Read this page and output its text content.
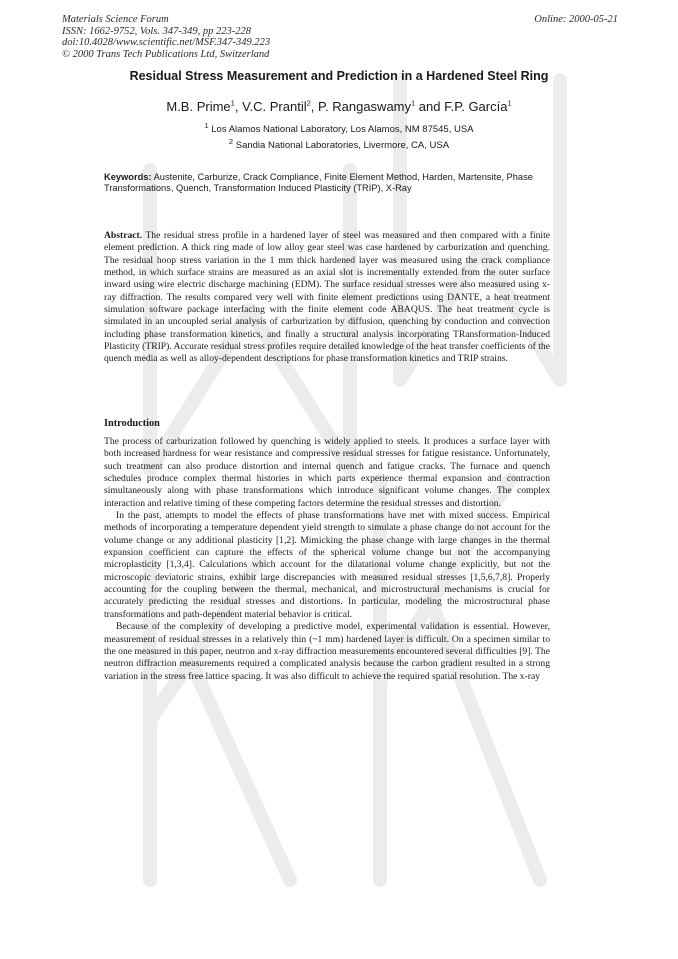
Materials Science Forum
ISSN: 1662-9752, Vols. 347-349, pp 223-228
doi:10.4028/www.scientific.net/MSF.347-349.223
© 2000 Trans Tech Publications Ltd, Switzerland
Online: 2000-05-21
Residual Stress Measurement and Prediction in a Hardened Steel Ring
M.B. Prime$^1$, V.C. Prantil$^2$, P. Rangaswamy$^1$ and F.P. García$^1$
$^1$ Los Alamos National Laboratory, Los Alamos, NM 87545, USA
$^2$ Sandia National Laboratories, Livermore, CA, USA
Keywords: Austenite, Carburize, Crack Compliance, Finite Element Method, Harden, Martensite, Phase Transformations, Quench, Transformation Induced Plasticity (TRIP), X-Ray
Abstract. The residual stress profile in a hardened layer of steel was measured and then compared with a finite element prediction. A thick ring made of low alloy gear steel was case hardened by carburization and quenching. The residual hoop stress variation in the 1 mm thick hardened layer was measured using the crack compliance method, in which surface strains are measured as an axial slot is incrementally extended from the outer surface inward using wire electric discharge machining (EDM). The surface residual stresses were also measured using x-ray diffraction. The results compared very well with finite element predictions using DANTE, a heat treatment simulation software package interfacing with the finite element code ABAQUS. The heat treatment cycle is simulated in an uncoupled serial analysis of carburization by diffusion, quenching by conduction and convection including phase transformation kinetics, and finally a structural analysis incorporating TRansformation-Induced Plasticity (TRIP). Accurate residual stress profiles require detailed knowledge of the heat transfer coefficients of the quench media as well as alloy-dependent descriptions for phase transformation kinetics and TRIP strains.
Introduction

The process of carburization followed by quenching is widely applied to steels. It produces a surface layer with both increased hardness for wear resistance and compressive residual stresses for fatigue resistance. Unfortunately, such treatment can also produce distortion and internal quench and fatigue cracks. The furnace and quench schedules produce complex thermal histories in which parts experience thermal expansion and contraction simultaneously along with phase transformations which introduce significant volume changes. The complex interaction and relative timing of these competing factors determine the residual stresses and distortion.

In the past, attempts to model the effects of phase transformations have met with mixed success. Empirical methods of incorporating a temperature dependent yield strength to simulate a phase change do not account for the volume change or any additional plasticity [1,2]. Mimicking the phase change with large changes in the thermal expansion coefficient can capture the effects of the spherical volume change but not the accompanying microplasticity [1,3,4]. Calculations which account for the dilatational volume change explicitly, but not the microscopic deviatoric strains, exhibit large discrepancies with measured residual stresses [1,5,6,7,8]. Properly accounting for the coupling between the thermal, mechanical, and microstructural mechanisms is crucial for accurately predicting the residual stresses and distortions. In particular, modeling the microstructural phase transformations and path-dependent material behavior is critical.

Because of the complexity of developing a predictive model, experimental validation is essential. However, measurement of residual stresses in a relatively thin (~1 mm) hardened layer is difficult. On a specimen similar to the one measured in this paper, neutron and x-ray diffraction measurements encountered several difficulties [9]. The neutron diffraction measurements required a complicated analysis because the carbon gradient resulted in a strong variation in the stress free lattice spacing. It was also difficult to achieve the required spatial resolution. The x-ray
